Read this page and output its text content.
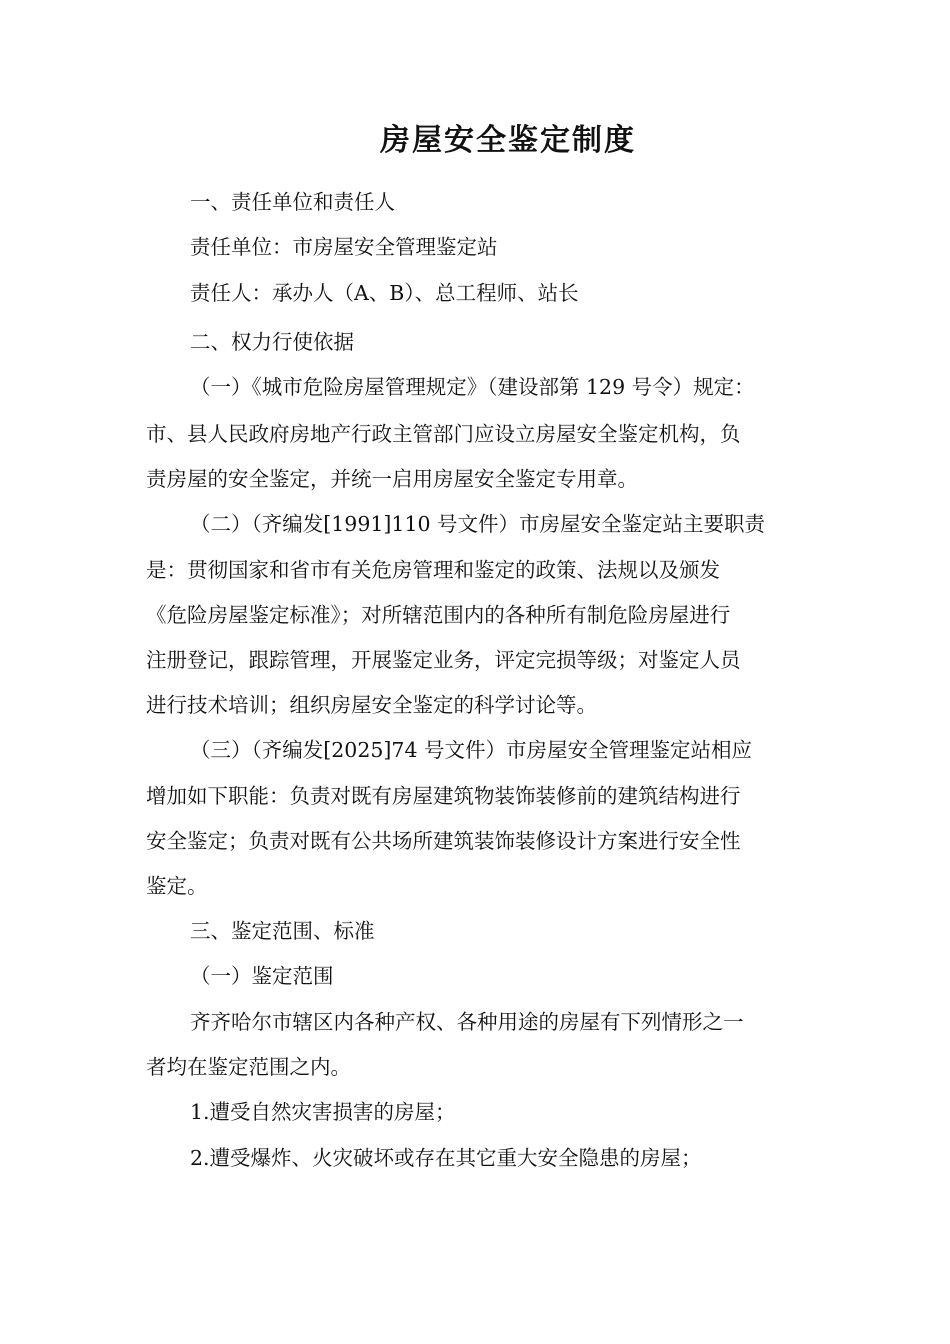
房屋安全鉴定制度

一、责任单位和责任人

责任单位：市房屋安全管理鉴定站

责任人：承办人（A、B）、总工程师、站长

二、权力行使依据

（一）《城市危险房屋管理规定》（建设部第 129 号令）规定：

市、县人民政府房地产行政主管部门应设立房屋安全鉴定机构，负

责房屋的安全鉴定，并统一启用房屋安全鉴定专用章。

（二）（齐编发[1991]110 号文件）市房屋安全鉴定站主要职责

是：贯彻国家和省市有关危房管理和鉴定的政策、法规以及颁发

《危险房屋鉴定标准》；对所辖范围内的各种所有制危险房屋进行

注册登记，跟踪管理，开展鉴定业务，评定完损等级；对鉴定人员

进行技术培训；组织房屋安全鉴定的科学讨论等。

（三）（齐编发[2025]74 号文件）市房屋安全管理鉴定站相应

增加如下职能：负责对既有房屋建筑物装饰装修前的建筑结构进行

安全鉴定；负责对既有公共场所建筑装饰装修设计方案进行安全性

鉴定。

三、鉴定范围、标准

（一）鉴定范围

齐齐哈尔市辖区内各种产权、各种用途的房屋有下列情形之一

者均在鉴定范围之内。

1.遭受自然灾害损害的房屋；

2.遭受爆炸、火灾破坏或存在其它重大安全隐患的房屋；
